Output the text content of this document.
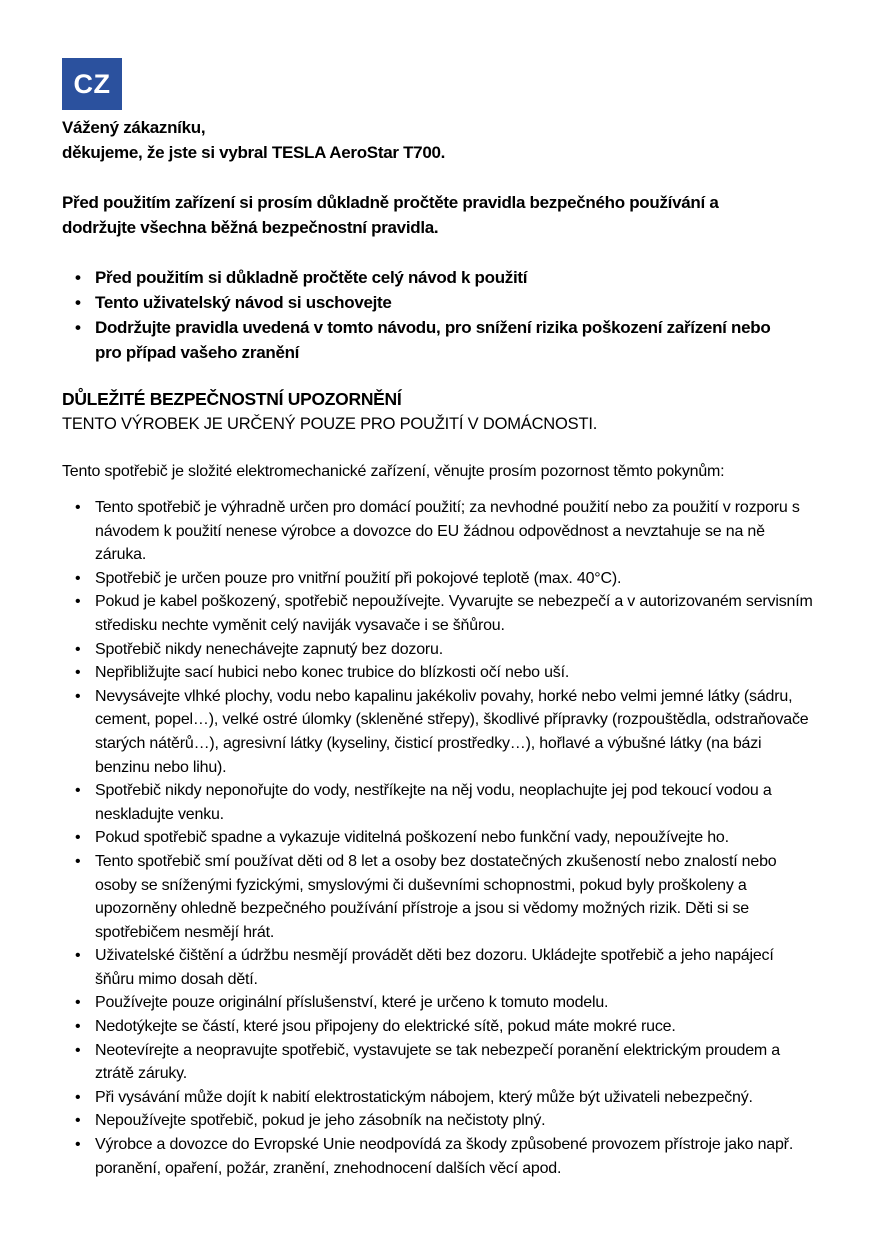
CZ

Vážený zákazníku,

děkujeme, že jste si vybral TESLA AeroStar T700.

Před použitím zařízení si prosím důkladně pročtěte pravidla bezpečného používání a dodržujte všechna běžná bezpečnostní pravidla.

• Před použitím si důkladně pročtěte celý návod k použití
• Tento uživatelský návod si uschovejte
• Dodržujte pravidla uvedená v tomto návodu, pro snížení rizika poškození zařízení nebo pro případ vašeho zranění

DŮLEŽITÉ BEZPEČNOSTNÍ UPOZORNĚNÍ

TENTO VÝROBEK JE URČENÝ POUZE PRO POUŽITÍ V DOMÁCNOSTI.

Tento spotřebič je složité elektromechanické zařízení, věnujte prosím pozornost těmto pokynům:

• Tento spotřebič je výhradně určen pro domácí použití; za nevhodné použití nebo za použití v rozporu s návodem k použití nenese výrobce a dovozce do EU žádnou odpovědnost a nevztahuje se na ně záruka.
• Spotřebič je určen pouze pro vnitřní použití při pokojové teplotě (max. 40°C).
• Pokud je kabel poškozený, spotřebič nepoužívejte. Vyvarujte se nebezpečí a v autorizovaném servisním středisku nechte vyměnit celý naviják vysavače i se šňůrou.
• Spotřebič nikdy nenechávejte zapnutý bez dozoru.
• Nepřibližujte sací hubici nebo konec trubice do blízkosti očí nebo uší.
• Nevysávejte vlhké plochy, vodu nebo kapalinu jakékoliv povahy, horké nebo velmi jemné látky (sádru, cement, popel…), velké ostré úlomky (skleněné střepy), škodlivé přípravky (rozpouštědla, odstraňovače starých nátěrů…), agresivní látky (kyseliny, čisticí prostředky…), hořlavé a výbušné látky (na bázi benzinu nebo lihu).
• Spotřebič nikdy neponořujte do vody, nestříkejte na něj vodu, neoplachujte jej pod tekoucí vodou a neskladujte venku.
• Pokud spotřebič spadne a vykazuje viditelná poškození nebo funkční vady, nepoužívejte ho.
• Tento spotřebič smí používat děti od 8 let a osoby bez dostatečných zkušeností nebo znalostí nebo osoby se sníženými fyzickými, smyslovými či duševními schopnostmi, pokud byly proškoleny a upozorněny ohledně bezpečného používání přístroje a jsou si vědomy možných rizik. Děti si se spotřebičem nesmějí hrát.
• Uživatelské čištění a údržbu nesmějí provádět děti bez dozoru. Ukládejte spotřebič a jeho napájecí šňůru mimo dosah dětí.
• Používejte pouze originální příslušenství, které je určeno k tomuto modelu.
• Nedotýkejte se částí, které jsou připojeny do elektrické sítě, pokud máte mokré ruce.
• Neotevírejte a neopravujte spotřebič, vystavujete se tak nebezpečí poranění elektrickým proudem a ztrátě záruky.
• Při vysávání může dojít k nabití elektrostatickým nábojem, který může být uživateli nebezpečný.
• Nepoužívejte spotřebič, pokud je jeho zásobník na nečistoty plný.
• Výrobce a dovozce do Evropské Unie neodpovídá za škody způsobené provozem přístroje jako např. poranění, opaření, požár, zranění, znehodnocení dalších věcí apod.
